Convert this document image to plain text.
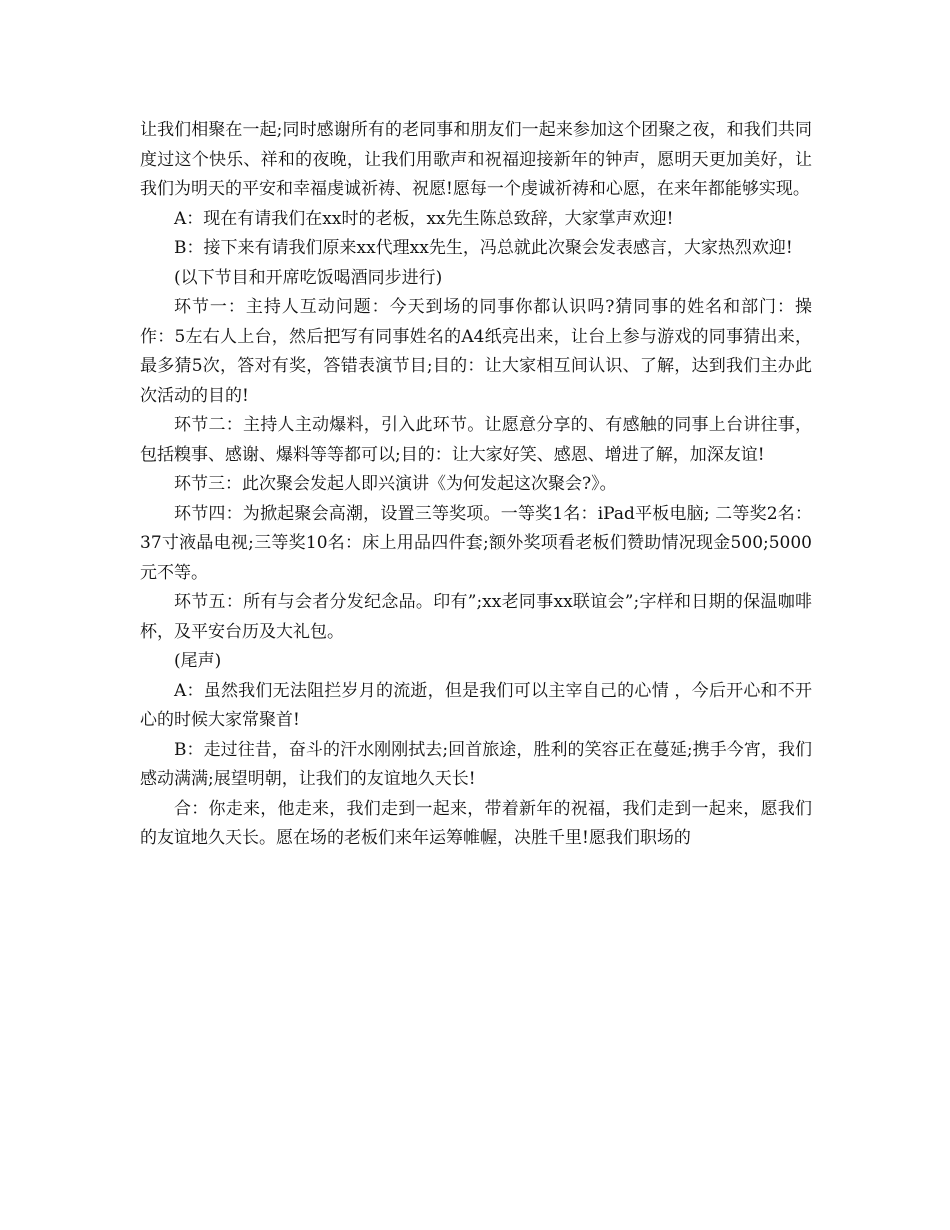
让我们相聚在一起;同时感谢所有的老同事和朋友们一起来参加这个团聚之夜，和我们共同度过这个快乐、祥和的夜晚，让我们用歌声和祝福迎接新年的钟声，愿明天更加美好，让我们为明天的平安和幸福虔诚祈祷、祝愿!愿每一个虔诚祈祷和心愿，在来年都能够实现。

A：现在有请我们在xx时的老板，xx先生陈总致辞，大家掌声欢迎!

B：接下来有请我们原来xx代理xx先生，冯总就此次聚会发表感言，大家热烈欢迎!

(以下节目和开席吃饭喝酒同步进行)

环节一：主持人互动问题：今天到场的同事你都认识吗?猜同事的姓名和部门：操作：5左右人上台，然后把写有同事姓名的A4纸亮出来，让台上参与游戏的同事猜出来，最多猜5次，答对有奖，答错表演节目;目的：让大家相互间认识、了解，达到我们主办此次活动的目的!

环节二：主持人主动爆料，引入此环节。让愿意分享的、有感触的同事上台讲往事，包括糗事、感谢、爆料等等都可以;目的：让大家好笑、感恩、增进了解，加深友谊!

环节三：此次聚会发起人即兴演讲《为何发起这次聚会?》。

环节四：为掀起聚会高潮，设置三等奖项。一等奖1名：iPad平板电脑; 二等奖2名： 37寸液晶电视;三等奖10名：床上用品四件套;额外奖项看老板们赞助情况现金500;5000元不等。

环节五：所有与会者分发纪念品。印有”;xx老同事xx联谊会”;字样和日期的保温咖啡杯，及平安台历及大礼包。

(尾声)

A：虽然我们无法阻拦岁月的流逝，但是我们可以主宰自己的心情 ，今后开心和不开心的时候大家常聚首!

B：走过往昔，奋斗的汗水刚刚拭去;回首旅途，胜利的笑容正在蔓延;携手今宵，我们感动满满;展望明朝，让我们的友谊地久天长!

合：你走来，他走来，我们走到一起来，带着新年的祝福，我们走到一起来，愿我们的友谊地久天长。愿在场的老板们来年运筹帷幄，决胜千里!愿我们职场的
